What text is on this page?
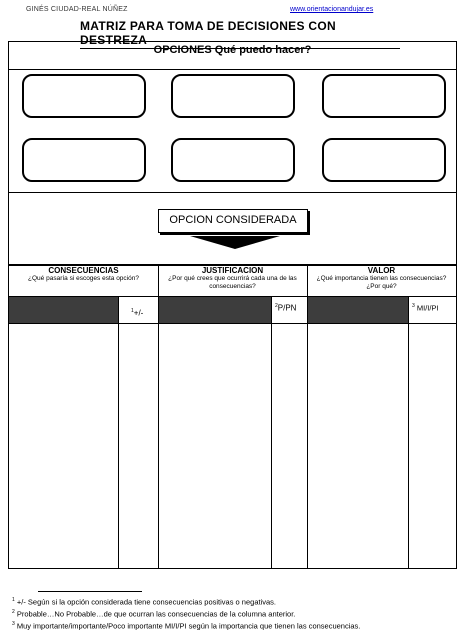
GINÉS CIUDAD-REAL NÚÑEZ	www.orientacionandujar.es
MATRIZ PARA TOMA DE DECISIONES CON DESTREZA
OPCIONES Qué puedo hacer?
OPCION CONSIDERADA
CONSECUENCIAS
¿Qué pasaría si escoges esta opción?
JUSTIFICACION
¿Por qué crees que ocurrirá cada una de las consecuencias?
VALOR
¿Qué importancia tienen las consecuencias? ¿Por qué?
$^1$+/-
$^2$P/PN	$^3$ MI/I/PI
$^1$ +/- Según si la opción considerada tiene consecuencias positivas o negativas.
$^2$ Probable…No Probable…de que ocurran las consecuencias de la columna anterior.
$^3$ Muy importante/importante/Poco importante MI/I/PI según la importancia que tienen las consecuencias.
